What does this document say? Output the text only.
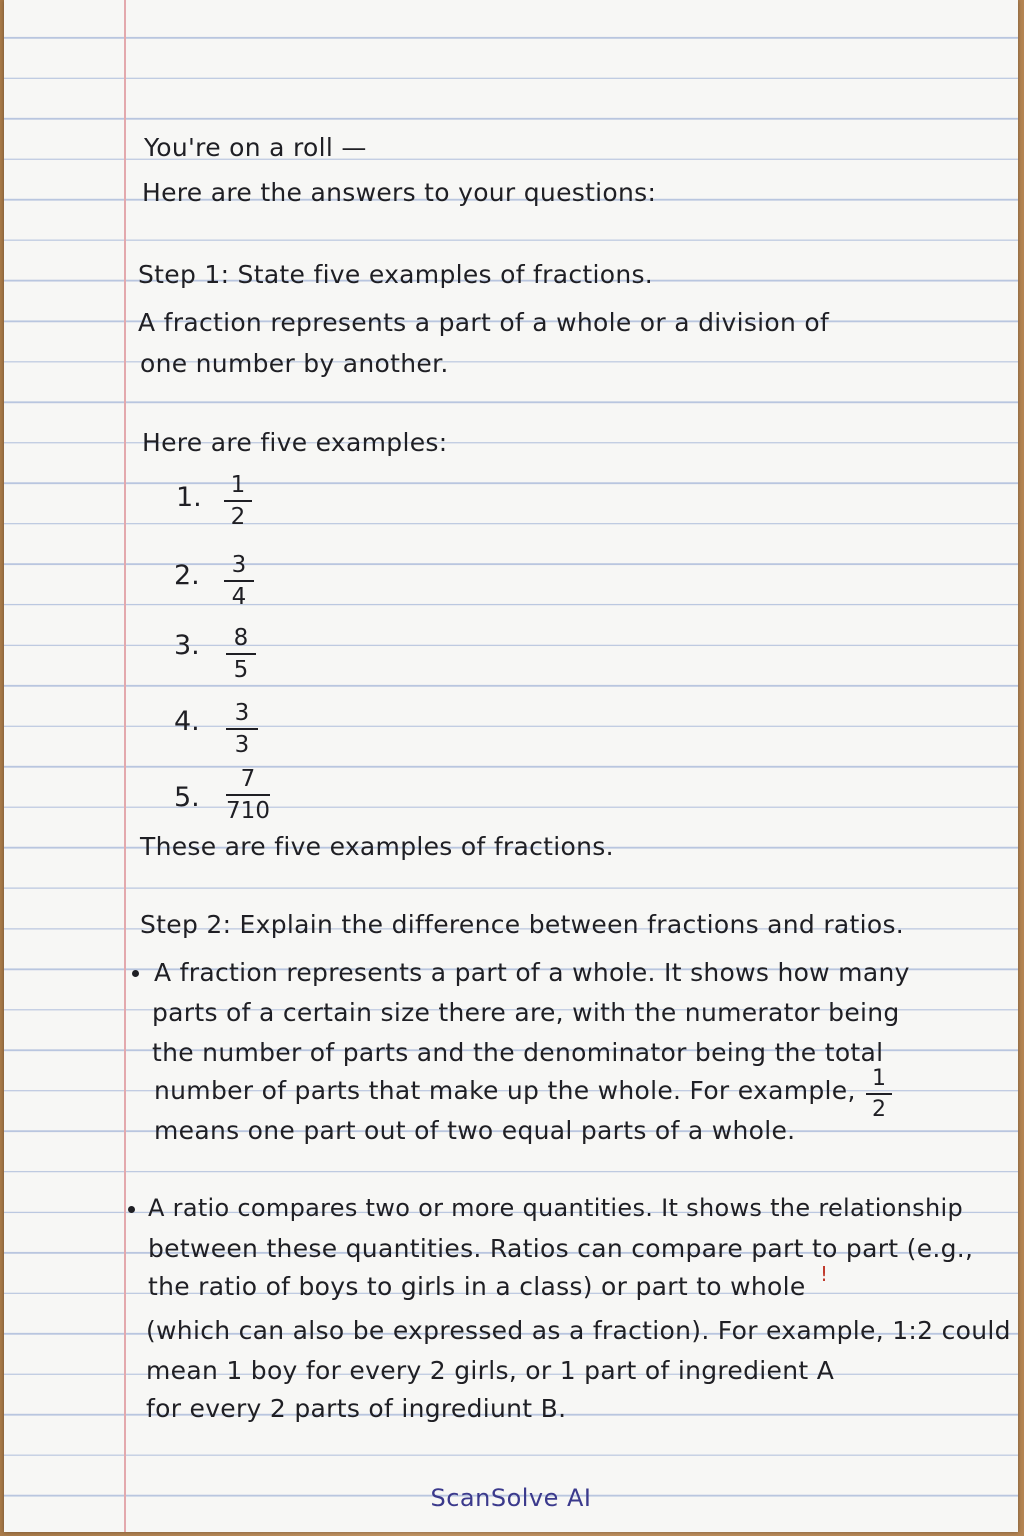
You're on a roll —
Here are the answers to your questions:
Step 1: State five examples of fractions.
A fraction represents a part of a whole or a division of
one number by another.
Here are five examples:
1. 1
2
2. 3
4
3. 8
5
4. 3
3
5.
7
710
These are five examples of fractions.
Step 2: Explain the difference between fractions and ratios.
A fraction represents a part of a whole. It shows how many
parts of a certain size there are, with the numerator being
the number of parts and the denominator being the total
number of parts that make up the whole. For example, 1
2
means one part out of two equal parts of a whole.
A ratio compares two or more quantities. It shows the relationship
between these quantities. Ratios can compare part to part (e.g.,
the ratio of boys to girls in a class) or part to whole !
(which can also be expressed as a fraction). For example, 1:2 could
mean 1 boy for every 2 girls, or 1 part of ingredient A
for every 2 parts of ingrediunt B.
ScanSolve AI
